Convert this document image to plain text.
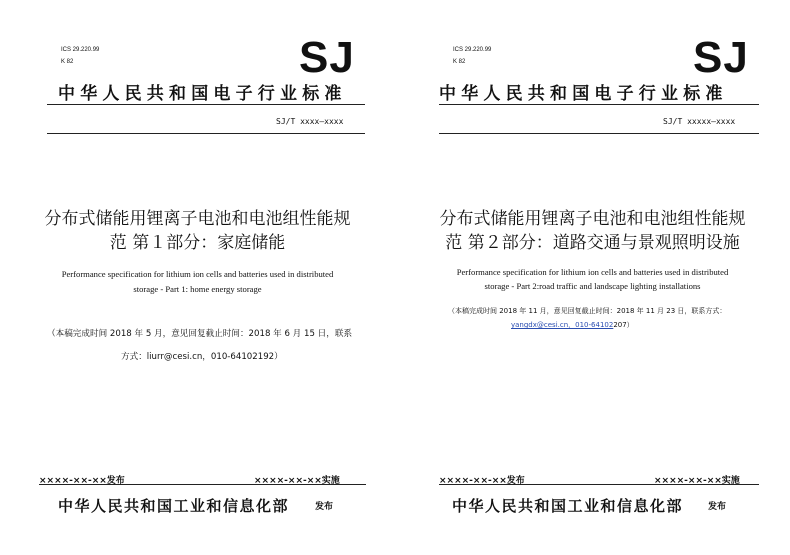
ICS 29.220.99
K 82	SJ
中华人民共和国电子行业标准
SJ/T xxxx—xxxx
分布式储能用锂离子电池和电池组性能规
范 第１部分：家庭储能
Performance specification for lithium ion cells and batteries used in distributed
storage - Part 1: home energy storage
（本稿完成时间 2018 年 5 月，意见回复截止时间：2018 年 6 月 15 日，联系
方式：liurr@cesi.cn，010-64102192）
××××-××-××发布	××××-××-××实施
中华人民共和国工业和信息化部	发布
ICS 29.220.99
K 82	SJ
中华人民共和国电子行业标准
SJ/T xxxxx—xxxx
分布式储能用锂离子电池和电池组性能规
范 第２部分：道路交通与景观照明设施
Performance specification for lithium ion cells and batteries used in distributed
storage - Part 2:road traffic and landscape lighting installations
（本稿完成时间 2018 年 11 月，意见回复截止时间：2018 年 11 月 23 日，联系方式：
yangdx@cesi.cn，010-64102207）
××××-××-××发布	××××-××-××实施
中华人民共和国工业和信息化部	发布
